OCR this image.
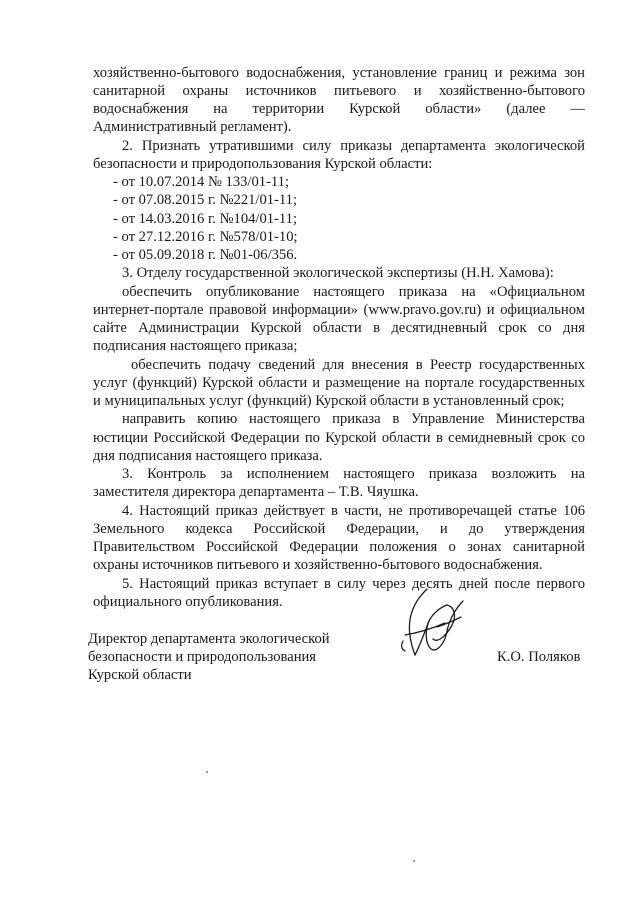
хозяйственно-бытового водоснабжения, установление границ и режима зон
санитарной охраны источников питьевого и хозяйственно-бытового
водоснабжения на территории Курской области» (далее —
Административный регламент).
2. Признать утратившими силу приказы департамента экологической
безопасности и природопользования Курской области:
- от 10.07.2014 № 133/01-11;
- от 07.08.2015 г. №221/01-11;
- от 14.03.2016 г. №104/01-11;
- от 27.12.2016 г. №578/01-10;
- от 05.09.2018 г. №01-06/356.
3. Отделу государственной экологической экспертизы (Н.Н. Хамова):
обеспечить опубликование настоящего приказа на «Официальном
интернет-портале правовой информации» (www.pravo.gov.ru) и официальном
сайте Администрации Курской области в десятидневный срок со дня
подписания настоящего приказа;
обеспечить подачу сведений для внесения в Реестр государственных
услуг (функций) Курской области и размещение на портале государственных
и муниципальных услуг (функций) Курской области в установленный срок;
направить копию настоящего приказа в Управление Министерства
юстиции Российской Федерации по Курской области в семидневный срок со
дня подписания настоящего приказа.
3. Контроль за исполнением настоящего приказа возложить на
заместителя директора департамента – Т.В. Чяушка.
4. Настоящий приказ действует в части, не противоречащей статье 106
Земельного кодекса Российской Федерации, и до утверждения
Правительством Российской Федерации положения о зонах санитарной
охраны источников питьевого и хозяйственно-бытового водоснабжения.
5. Настоящий приказ вступает в силу через десять дней после первого
официального опубликования.
Директор департамента экологической
безопасности и природопользования
Курской области
К.О. Поляков
